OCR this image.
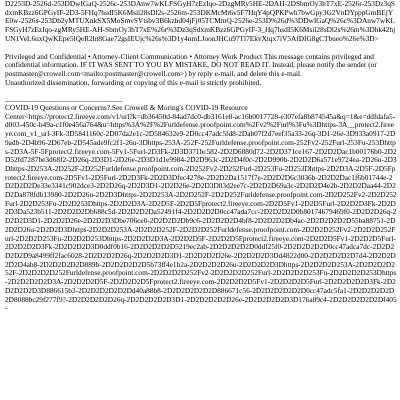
D2253D-2526d-253DDwIGaQ-2526c-253DAnw7wKLFSGyH7zEzIqo-2DzgMRy5HE-2DAH-2DSbmOy3hT7xE-2526r-253Dz3qSdxmKBzz6GPGyIF-2D3-5FHq7hsdI5K6Msil28sDl2s-2526m-253DKMcMt6v5F7HqY4pQPKPwh7bwGpy3G2VnDYpppGmBEjYE0w-2526s-253Db2yMTUXnkSX5MoSmvSVtsbv3B6kzhd04jFj05TCMmQ-2526e-253D%26d%3DDwIGaQ%26c%3DAnw7wKLFSGyH7zEzIqo-zgMRy5HE-AH-SbmOy3hT7xE%26r%3Dz3qSdxmKBzz6GPGyIF-3_Hq7hsdI5K6Msil28sDl2s%26m%3Dhk42hjUN1VeL6uxQwKEpe5lQeR2ht8Gae72gsIEUjc%26s%3D1y4nmLJoonJHCu97Tl7EkvXtqx7iV5AfDIG8gCTbueo%26e%3D>

Privileged and Confidential • Attorney-Client Communication • Attorney Work Product This message contains privileged and confidential information. IF IT WAS SENT TO YOU BY MISTAKE, DO NOT READ IT. Instead, please notify the sender (or postmaster@crowell.com<mailto:postmaster@crowell.com>) by reply e-mail, and delete this e-mail.

Unauthorized dissemination, forwarding or copying of this e-mail is strictly prohibited.

________________________________

COVID-19 Questions or Concerns? See Crowell & Moring's COVID-19 Resource

Center<https://protect2.fireeye.com/v1/url?k=db36450d-84ad7dc0-db3161e8-ac16b0017728-e307efa8b874545a&q=1&e=ddfdafa5-d003-450c-b49a-c1f0e456a764&u=https%3A%2F%2Furldefense.proofpoint.com%2Fv2%2Furl%3Fu%3Dhttps-3A__protect2.fireeye.com_v1_url-3Fk-3D5841160c-2D07da2e1c-2D584632e9-2D0cc47adc5fd8-2Dab07f2d7eef35a33-26q-3D1-26e-3D933a0917-2D9adb-2D4b96-2D67eb-2D545ade9fc2f1-26u-3Dhttps-253A-252F-252Furldefense.proofpoint.com-252Fv2-252Furl-253Fu-253Dhttps-2D3A-5F-5Fprotect2.fireeye.com-5Fv1-5Furl-2D3Fk-2D3D371bc582-2D2D6880d72-2D2D371ce167-2D2D2Dac1b00176b0-2D2D52fd7287be3d68f2-2D26q-2D3D1-2D26e-2D3D1d1e9984-2D2D963c-2D2D4f0c-2D2D990b-2D2D2D6a571e9724ea-2D26u-2D3Dhttps-2D253A-2D252F-2D252Furldefense.proofpoint.com-2D252Fv2-2D252Furl-2D253Fu-2D253Dhttps-2D2D3A-2D5F-2D5Fprotect2.fireeye.com-2D5Fv1-2D5Furl-2D2D3Fk-2D2D3Dfec4278e-2D2D2Da1517f7e-2D2D2D6c3036b-2D2D2Dac1f6b01744e-2D2D2D2De33e3341c902dce3-2D2D26q-2D2D3D1-2D2D26e-2D2D3D83d2ee7c-2D2D2D69a3c-2D2D2D4e2b-2D2D2Daa44-2D2D2Da878fdb13980-2D2D26u-2D2D3Dhttps-2D2D253A-2D2D252F-2D2D252Furldefense.proofpoint.com-2D2D252Fv2-2D2D252Furl-2D2D253Fu-2D2D253Dhttps-2D2D2D3A-2D2D5F-2D2D5Fprotect2.fireeye.com-2D2D5Fv1-2D2D5Furl-2D2D2D3Fk-2D2D2D3Da523b511-2D2D2D2Db688c5d-2D2D2D2Da52491f4-2D2D2D2D0cc47ada7cc-2D2D2D2D0b80174679469f0-2D2D2D26q-2D2D2D3D1-2D2D2D26e-2D2D2D3Dbe706ce0-2D2D2D2Db9c6-2D2D2D2D4bf8-2D2D2D2Db4ac-2D2D2D2D2D55ba88751-2D2D2D26u-2D2D2D3Dhttps-2D2D2D253A-2D2D2D252F-2D2D2D252Furldefense.proofpoint.com-2D2D2D252Fv2-2D2D2D252Furl-2D2D2D253Fu-2D2D2D253Dhttps-2D2D2D2D3A-2D2D2D5F-2D2D2D5Fprotect2.fireeye.com-2D2D2D5Fv1-2D2D2D5Furl-2D2D2D2D3Fk-2D2D2D2D3D0ddf0b16-2D2D2D2D2D5219ec2ab-2D2D2D2D2D0ddf25f0-2D2D2D2D2D0cc47adca7dc-2D2D2D2D2D9a8499ff2fac6028-2D2D2D2D26q-2D2D2D2D3D1-2D2D2D2D26e-2D2D2D2D3Dd4822d00-2D2D2D2D2D7d4-2D2D2D2D2D4ab8-2D2D2D2D2D889b-2D2D2D2D2D5b73ff4e1b2a-2D2D2D2D26u-2D2D2D2D3Dhttps-2D2D2D2D253A-2D2D2D2D252F-2D2D2D2D252Furldefense.proofpoint.com-2D2D2D2D252Fv2-2D2D2D2D252Furl-2D2D2D2D253Fu-2D2D2D2D253Dhttps-2D2D2D2D2D3A-2D2D2D2D5F-2D2D2D2D5Fprotect2.fireeye.com-2D2D2D2D5Fv1-2D2D2D2D5Furl-2D2D2D2D2D3Fk-2D2D2D2D2D3D886615b3-2D2D2D2D2D2Dd40a88b8-2D2D2D2D2D2D886671c56-2D2D2D2D2D2D0cc47adc5fa1-2D2D2D2D2D2D8088bc29f277f9?-2D2D2D2D2D26q-2D2D2D2D2D3D1-2D2D2D2D2D26e-2D2D2D2D2D3D176a89c4-2D2D2D2D2D2Df405-
